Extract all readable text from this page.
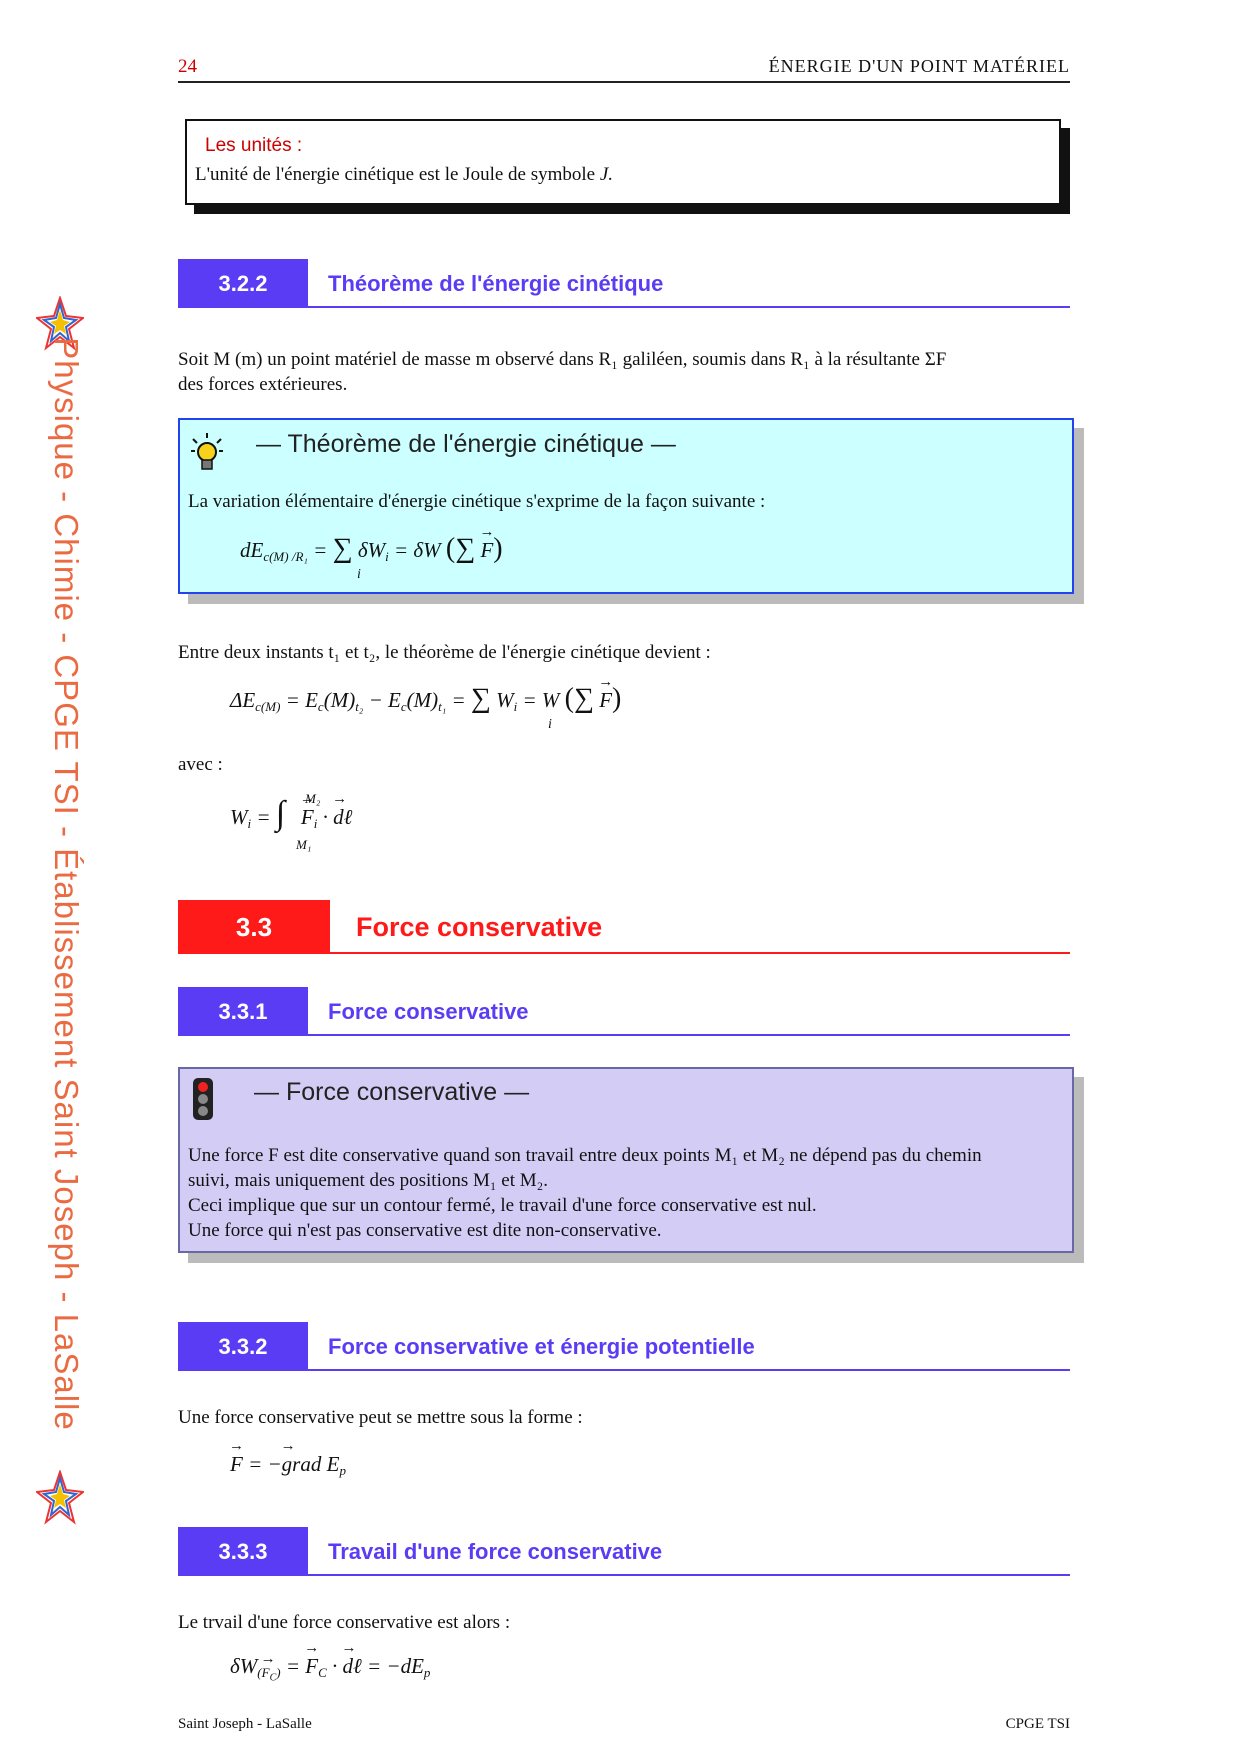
24	ÉNERGIE D'UN POINT MATÉRIEL
Physique - Chimie - CPGE TSI - Établissement Saint Joseph - LaSalle
Les unités :
L'unité de l'énergie cinétique est le Joule de symbole J.
3.2.2	Théorème de l'énergie cinétique
Soit M (m) un point matériel de masse m observé dans R₁ galiléen, soumis dans R₁ à la résultante ΣF
des forces extérieures.
— Théorème de l'énergie cinétique —
La variation élémentaire d'énergie cinétique s'exprime de la façon suivante :
$dE_{c(M) /R_1}$ = ∑ $\delta W_i = \delta W$ (∑ → F)
i
Entre deux instants t₁ et t₂, le théorème de l'énergie cinétique devient :
$\Delta E_{c(M)} = E_c(M)_{t_2} - E_c(M)_{t_1}$ = ∑ $W_i = W$ (∑ → F)
i
avec :
$W_i$ = ∫ M₂
M₁
→ $F_i$ · → dℓ
3.3	Force conservative
3.3.1	Force conservative
— Force conservative —
Une force F est dite conservative quand son travail entre deux points M₁ et M₂ ne dépend pas du chemin
suivi, mais uniquement des positions M₁ et M₂.
Ceci implique que sur un contour fermé, le travail d'une force conservative est nul.
Une force qui n'est pas conservative est dite non-conservative.
3.3.2	Force conservative et énergie potentielle
Une force conservative peut se mettre sous la forme :
→ F = −→ grad $E_p$
3.3.3	Travail d'une force conservative
Le trvail d'une force conservative est alors :
$\delta W_{(\to F_C)}$ = → $F_C$ · → dℓ = $-dE_p$
Saint Joseph - LaSalle	CPGE TSI
